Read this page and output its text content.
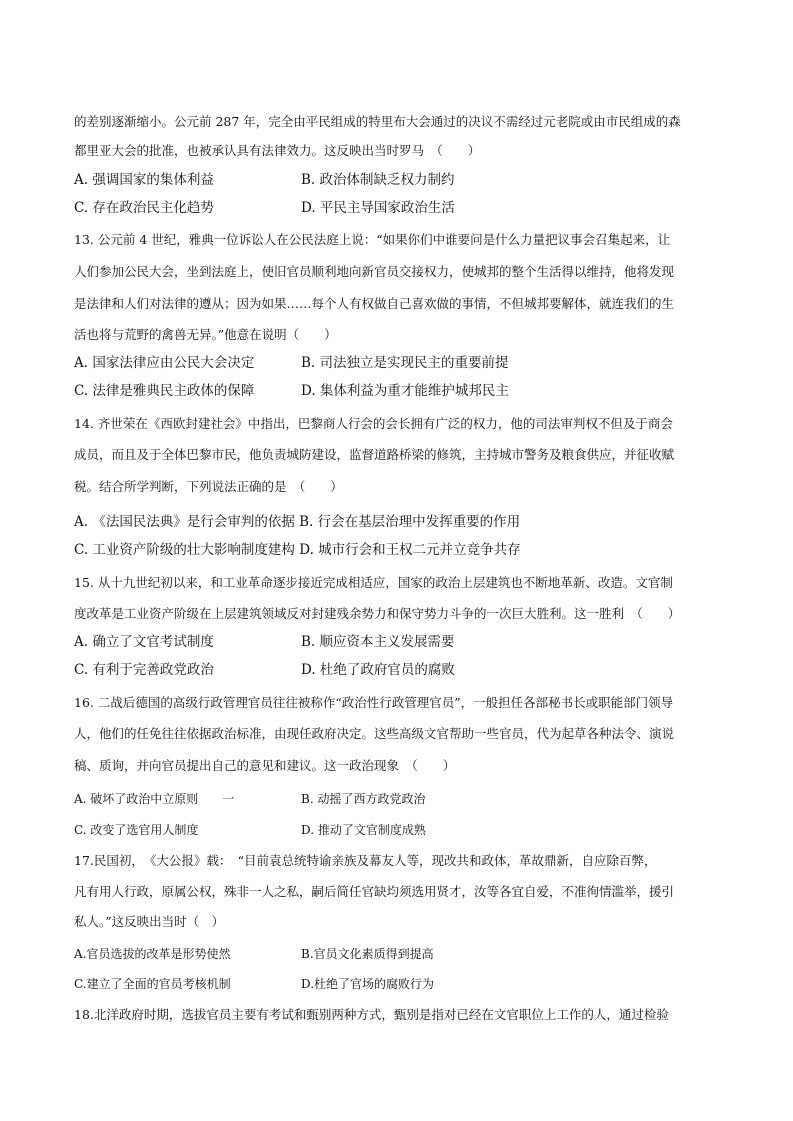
的差别逐渐缩小。公元前 287 年，完全由平民组成的特里布大会通过的决议不需经过元老院或由市民组成的森
都里亚大会的批准，也被承认具有法律效力。这反映出当时罗马　（　　）
A. 强调国家的集体利益	B. 政治体制缺乏权力制约
C. 存在政治民主化趋势	D. 平民主导国家政治生活
13. 公元前 4 世纪，雅典一位诉讼人在公民法庭上说：“如果你们中谁要问是什么力量把议事会召集起来，让
人们参加公民大会，坐到法庭上，使旧官员顺利地向新官员交接权力，使城邦的整个生活得以维持，他将发现
是法律和人们对法律的遵从；因为如果……每个人有权做自己喜欢做的事情，不但城邦要解体，就连我们的生
活也将与荒野的禽兽无异。”他意在说明（　　）
A. 国家法律应由公民大会决定	B. 司法独立是实现民主的重要前提
C. 法律是雅典民主政体的保障	D. 集体利益为重才能维护城邦民主
14. 齐世荣在《西欧封建社会》中指出，巴黎商人行会的会长拥有广泛的权力，他的司法审判权不但及于商会
成员，而且及于全体巴黎市民，他负责城防建设，监督道路桥梁的修筑，主持城市警务及粮食供应，并征收赋
税。结合所学判断，下列说法正确的是　（　　）
A. 《法国民法典》是行会审判的依据 B. 行会在基层治理中发挥重要的作用
C. 工业资产阶级的壮大影响制度建构 D. 城市行会和王权二元并立竞争共存
15. 从十九世纪初以来，和工业革命逐步接近完成相适应，国家的政治上层建筑也不断地革新、改造。文官制
度改革是工业资产阶级在上层建筑领域反对封建残余势力和保守势力斗争的一次巨大胜利。这一胜利　（　　）
A. 确立了文官考试制度	B. 顺应资本主义发展需要
C. 有利于完善政党政治	D. 杜绝了政府官员的腐败
16. 二战后德国的高级行政管理官员往往被称作“政治性行政管理官员”，一般担任各部秘书长或职能部门领导
人，他们的任免往往依据政治标准，由现任政府决定。这些高级文官帮助一些官员，代为起草各种法令、演说
稿、质询，并向官员提出自己的意见和建议。这一政治现象　（　　）
A. 破坏了政治中立原则　　一	B. 动摇了西方政党政治
C. 改变了选官用人制度	D. 推动了文官制度成熟
17.民国初，　《大公报》载：　“目前袁总统特谕亲族及幕友人等，现改共和政体，革故鼎新，自应除百弊，
凡有用人行政，原属公权，殊非一人之私，嗣后简任官缺均须选用贤才，汝等各宜自爱，不准徇情滥举，援引
私人。”这反映出当时（　）
A.官员选拔的改革是形势使然	B.官员文化素质得到提高
C.建立了全面的官员考核机制	D.杜绝了官场的腐败行为
18.北洋政府时期，选拔官员主要有考试和甄别两种方式，甄别是指对已经在文官职位上工作的人，通过检验
